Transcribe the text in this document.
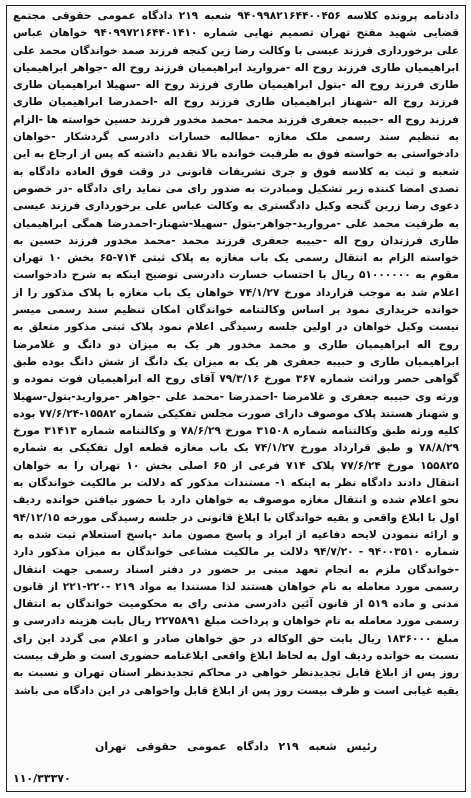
دادنامه پرونده کلاسه ۹۴۰۹۹۸۲۱۶۴۴۰۰۴۵۶ شعبه ۲۱۹ دادگاه عمومی حقوقی مجتمع قضایی شهید مفتح تهران تصمیم نهایی شماره ۹۴۰۹۹۷۲۱۶۴۴۰۱۴۱۰ خواهان عباس علی برخورداری فرزند عیسی با وکالت رضا زین کنجه فرزند صمد خواندگان محمد علی ابراهیمیان طاری فرزند روح اله -مروارید ابراهیمیان فرزند روح اله -جواهر ابراهیمیان طاری فرزند روح اله -بتول ابراهیمیان طاری فرزند روح اله -سهیلا ابراهیمیان طاری فرزند روح اله -شهناز ابراهیمیان طاری فرزند روح اله -احمدرضا ابراهیمیان طاری فرزند روح اله -حبیبه جعفری فرزند محمد -محمد مخدور فرزند حسین خواسته ها -الزام به تنظیم سند رسمی ملک مغازه -مطالبه خسارات دادرسی گردشکار -خواهان دادخواستی به خواسته فوق به طرفیت خوانده بالا تقدیم داشته که پس از ارجاع به این شعبه و ثبت به کلاسه فوق و جری تشریفات قانونی در وقت فوق العاده دادگاه به تصدی امضا کننده زیر تشکیل ومبادرت به صدور رای می نماید رای دادگاه -در خصوص دعوی رضا زرین گنجه وکیل دادگستری به وکالت عباس علی برخورداری فرزند عیسی به طرفیت محمد علی -مروارید-جواهر-بتول -سهیلا-شهناز-احمدرضا همگی ابراهیمیان طاری فرزندان روح اله -حبیبه جعفری فرزند محمد -محمد مخدور فرزند حسین به خواسته الزام به انتقال رسمی یک باب مغازه به پلاک ثبتی ۷۱۴-۶۵ بخش ۱۰ تهران مقوم به ۵۱۰۰۰۰۰۰ ریال با احتساب خسارت دادرسی توضیح اینکه به شرح دادخواست اعلام شد به موجب قرارداد مورخ ۷۴/۱/۲۷ خواهان یک باب مغازه با پلاک مذکور را از خوانده خریداری نمود بر اساس وکالتنامه خواندگان امکان تنظیم سند رسمی میسر نیست وکیل خواهان در اولین جلسه رسیدگی اعلام نمود پلاک ثبتی مذکور متعلق به روح اله ابراهیمیان طاری و محمد مخدور هر یک به میزان دو دانگ و غلامرضا ابراهیمیان طاری و حبیبه جعفری هر یک به میزان یک دانگ از شش دانگ بوده طبق گواهی حصر وراثت شماره ۳۶۷ مورخ ۷۹/۳/۱۶ آقای روح اله ابراهیمیان فوت نموده و ورثه وی حبیبه جعفری و غلامرضا -احمدرضا -محمد علی -جواهر -مروارید-بتول-سهیلا و شهناز هستند پلاک موصوف دارای صورت مجلس تفکیکی شماره ۱۵۵۸۲-۷۷/۶/۲۴ بوده کلیه ورثه طبق وکالتنامه شماره ۳۱۵۰۸ مورخ ۷۸/۶/۲۹ و وکالتنامه شماره ۳۱۴۱۳ مورخ ۷۸/۸/۲۹ و طبق قرارداد مورخ ۷۴/۱/۲۷ یک باب مغازه قطعه اول تفکیکی به شماره ۱۵۵۸۲۵ مورخ ۷۷/۶/۲۴ پلاک ۷۱۴ فرعی از ۶۵ اصلی بخش ۱۰ تهران را به خواهان انتقال دادند دادگاه نظر به اینکه ۱- مستندات مذکور که دلالت بر مالکیت خواندگان به نحو اعلام شده و انتقال مغازه موصوف به خواهان دارد با حضور نیافتن خوانده ردیف اول با ابلاغ واقعی و بقیه خواندگان با ابلاغ قانونی در جلسه رسیدگی مورخه ۹۴/۱۲/۱۵ و ارائه ننمودن لایحه دفاعیه از ایراد و پاسخ مصون ماند -پاسخ استعلام ثبت شده به شماره ۹۴۰۰۳۵۱۰ - ۹۴/۷/۲۰ دلالت بر مالکیت مشاعی خواندگان به میزان مذکور دارد -خواندگان ملزم به انجام تعهد مبنی بر حضور در دفتر اسناد رسمی جهت انتقال رسمی مورد معامله به نام خواهان هستند لذا مستندا به مواد ۲۱۹ -۲۲۰-۲۲۱ از قانون مدنی و ماده ۵۱۹ از قانون آئین دادرسی مدنی رای به محکومیت خواندگان به انتقال رسمی مورد معامله به نام خواهان و پرداخت مبلغ ۲۲۷۵۸۹۱ ریال بابت هزینه دادرسی و مبلغ ۱۸۳۶۰۰۰ ریال بابت حق الوکاله در حق خواهان صادر و اعلام می گردد این رای نسبت به خوانده ردیف اول به لحاظ ابلاغ واقعی ابلاغنامه حضوری است و ظرف بیست روز پس از ابلاغ قابل تجدیدنظر خواهی در محاکم تجدیدنظر استان تهران و نسبت به بقیه غیابی است و ظرف بیست روز پس از ابلاغ قابل واخواهی در این دادگاه می باشد
رئیس شعبه ۲۱۹ دادگاه عمومی حقوقی تهران
۱۱۰/۳۳۳۷۰
